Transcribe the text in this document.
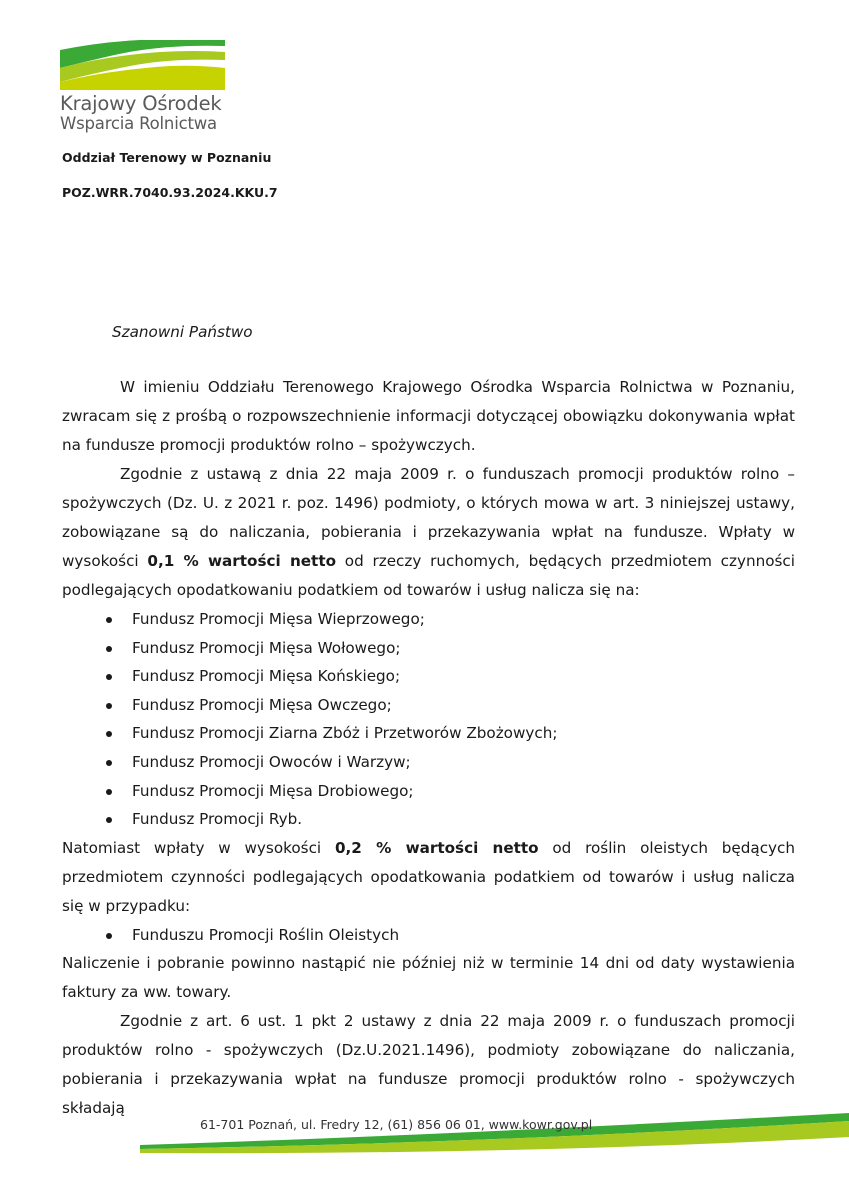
Krajowy Ośrodek
Wsparcia Rolnictwa
Oddział Terenowy w Poznaniu
POZ.WRR.7040.93.2024.KKU.7
Szanowni Państwo

W imieniu Oddziału Terenowego Krajowego Ośrodka Wsparcia Rolnictwa w Poznaniu, zwracam się z prośbą o rozpowszechnienie informacji dotyczącej obowiązku dokonywania wpłat na fundusze promocji produktów rolno – spożywczych.

Zgodnie z ustawą z dnia 22 maja 2009 r. o funduszach promocji produktów rolno – spożywczych (Dz. U. z 2021 r. poz. 1496) podmioty, o których mowa w art. 3 niniejszej ustawy, zobowiązane są do naliczania, pobierania i przekazywania wpłat na fundusze. Wpłaty w wysokości 0,1 % wartości netto od rzeczy ruchomych, będących przedmiotem czynności podlegających opodatkowaniu podatkiem od towarów i usług nalicza się na:

Fundusz Promocji Mięsa Wieprzowego;
Fundusz Promocji Mięsa Wołowego;
Fundusz Promocji Mięsa Końskiego;
Fundusz Promocji Mięsa Owczego;
Fundusz Promocji Ziarna Zbóż i Przetworów Zbożowych;
Fundusz Promocji Owoców i Warzyw;
Fundusz Promocji Mięsa Drobiowego;
Fundusz Promocji Ryb.

Natomiast wpłaty w wysokości 0,2 % wartości netto od roślin oleistych będących przedmiotem czynności podlegających opodatkowania podatkiem od towarów i usług nalicza się w przypadku:

Funduszu Promocji Roślin Oleistych

Naliczenie i pobranie powinno nastąpić nie później niż w terminie 14 dni od daty wystawienia faktury za ww. towary.

Zgodnie z art. 6 ust. 1 pkt 2 ustawy z dnia 22 maja 2009 r. o funduszach promocji produktów rolno - spożywczych (Dz.U.2021.1496), podmioty zobowiązane do naliczania, pobierania i przekazywania wpłat na fundusze promocji produktów rolno - spożywczych składają

61-701 Poznań, ul. Fredry 12, (61) 856 06 01, www.kowr.gov.pl
